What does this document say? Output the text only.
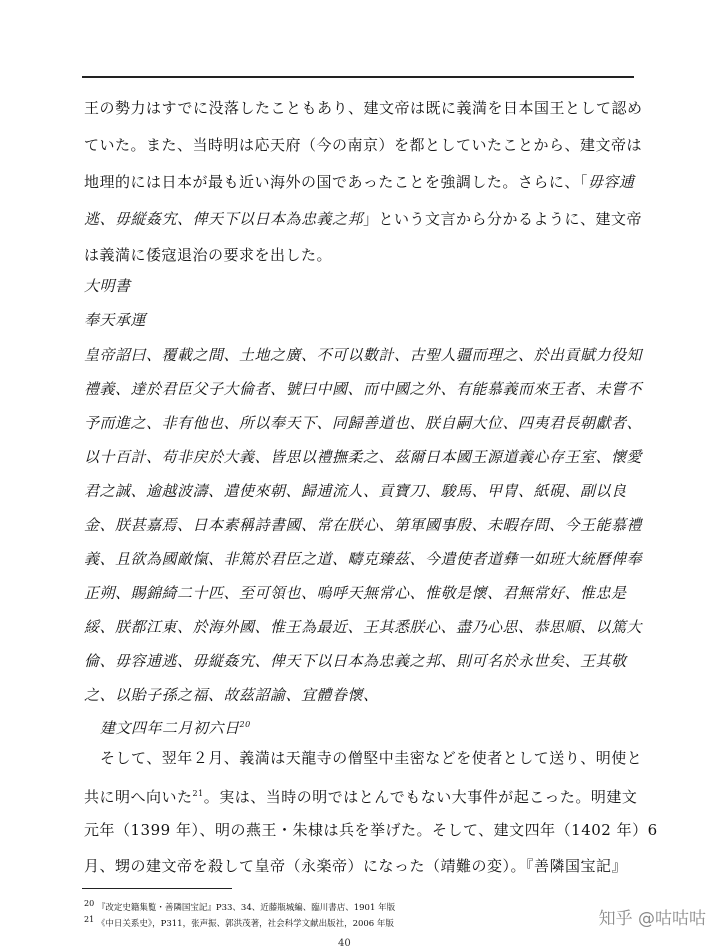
王の勢力はすでに没落したこともあり、建文帝は既に義満を日本国王として認め
ていた。また、当時明は応天府（今の南京）を都としていたことから、建文帝は
地理的には日本が最も近い海外の国であったことを強調した。さらに、「毋容逋
逃、毋縦姦宄、俾天下以日本為忠義之邦」という文言から分かるように、建文帝
は義満に倭寇退治の要求を出した。
大明書
奉天承運
皇帝詔曰、覆載之間、土地之廣、不可以數計、古聖人疆而理之、於出貢賦力役知
禮義、達於君臣父子大倫者、號曰中國、而中國之外、有能慕義而來王者、未嘗不
予而進之、非有他也、所以奉天下、同歸善道也、朕自嗣大位、四夷君長朝獻者、
以十百計、苟非戻於大義、皆思以禮撫柔之、茲爾日本國王源道義心存王室、懷愛
君之誠、逾越波濤、遣使來朝、歸逋流人、貢寶刀、駿馬、甲冑、紙硯、副以良
金、朕甚嘉焉、日本素稱詩書國、常在朕心、第軍國事殷、未暇存問、今王能慕禮
義、且欲為國敵愾、非篤於君臣之道、疇克臻茲、今遣使者道彝一如班大統曆俾奉
正朔、賜錦綺二十匹、至可領也、嗚呼天無常心、惟敬是懷、君無常好、惟忠是
綏、朕都江東、於海外國、惟王為最近、王其悉朕心、盡乃心思、恭思順、以篤大
倫、毋容逋逃、毋縦姦宄、俾天下以日本為忠義之邦、則可名於永世矣、王其敬
之、以貽子孫之福、故茲詔諭、宜體眷懷、
建文四年二月初六日$^{20}$
そして、翌年２月、義満は天龍寺の僧堅中圭密などを使者として送り、明使と
共に明へ向いた$^{21}$。実は、当時の明ではとんでもない大事件が起こった。明建文
元年（1399 年）、明の燕王・朱棣は兵を挙げた。そして、建文四年（1402 年）6
月、甥の建文帝を殺して皇帝（永楽帝）になった（靖難の変）。『善隣国宝記』
$^{20}$ 『改定史籍集覧・善隣国宝記』P33、34、近藤瓶城編、臨川書店、1901 年版
$^{21}$ 《中日关系史》，P311，张声振、郭洪茂著，社会科学文献出版社，2006 年版	知乎 @咕咕咕
40
